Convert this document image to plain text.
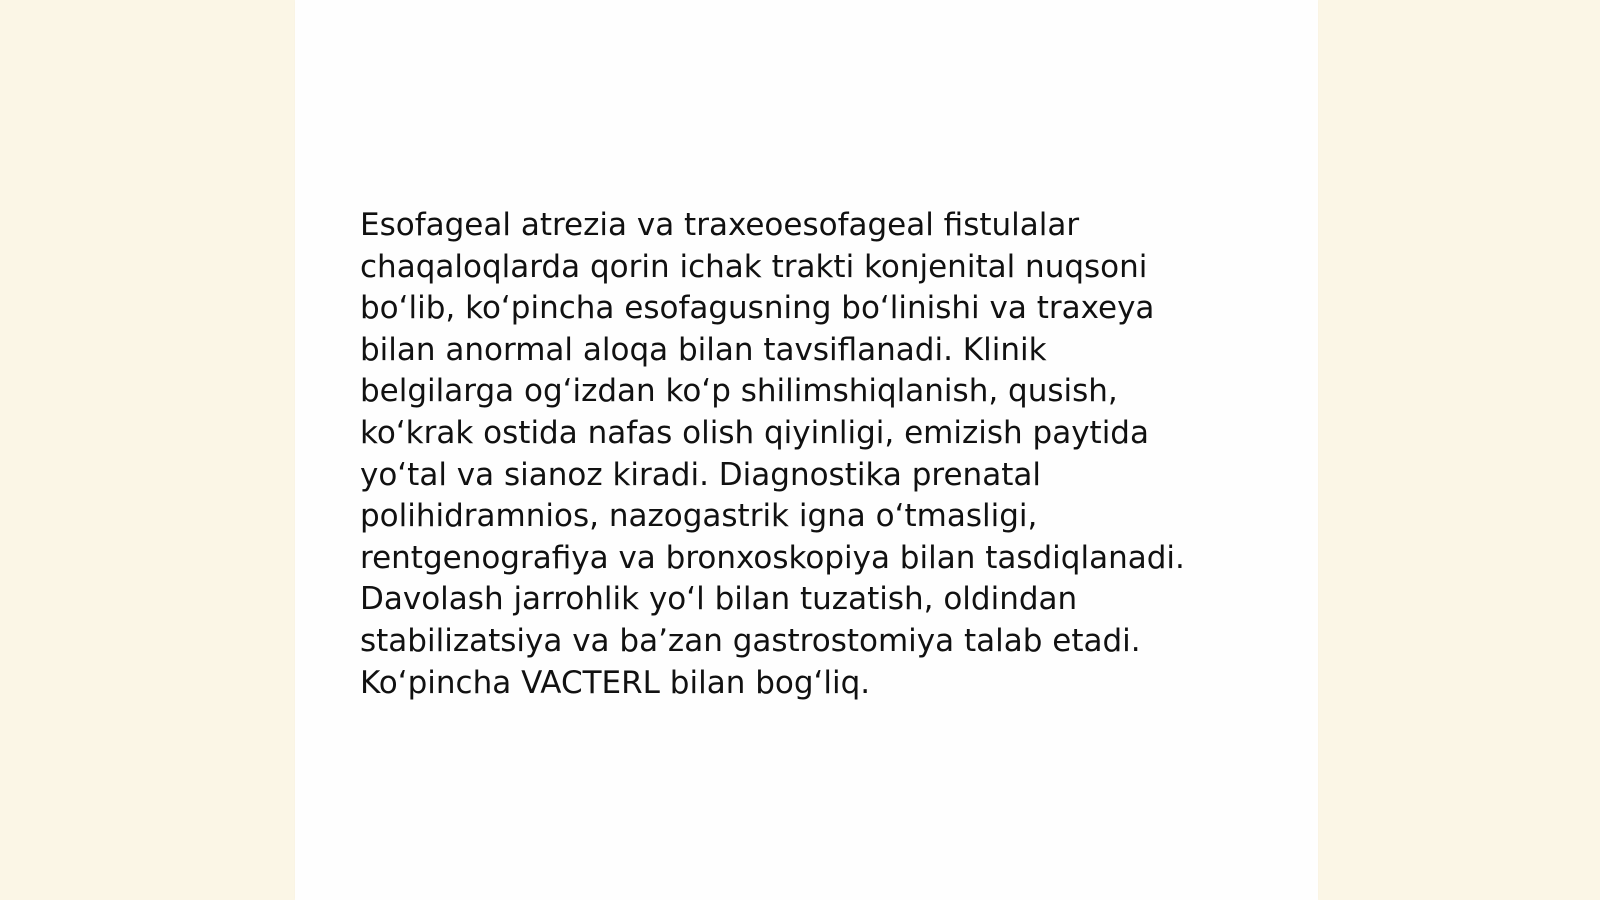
Esofageal atrezia va traxeoesofageal fistulalar
chaqaloqlarda qorin ichak trakti konjenital nuqsoni
bo‘lib, ko‘pincha esofagusning bo‘linishi va traxeya
bilan anormal aloqa bilan tavsiflanadi. Klinik
belgilarga og‘izdan ko‘p shilimshiqlanish, qusish,
ko‘krak ostida nafas olish qiyinligi, emizish paytida
yo‘tal va sianoz kiradi. Diagnostika prenatal
polihidramnios, nazogastrik igna o‘tmasligi,
rentgenografiya va bronxoskopiya bilan tasdiqlanadi.
Davolash jarrohlik yo‘l bilan tuzatish, oldindan
stabilizatsiya va ba’zan gastrostomiya talab etadi.
Ko‘pincha VACTERL bilan bog‘liq.
